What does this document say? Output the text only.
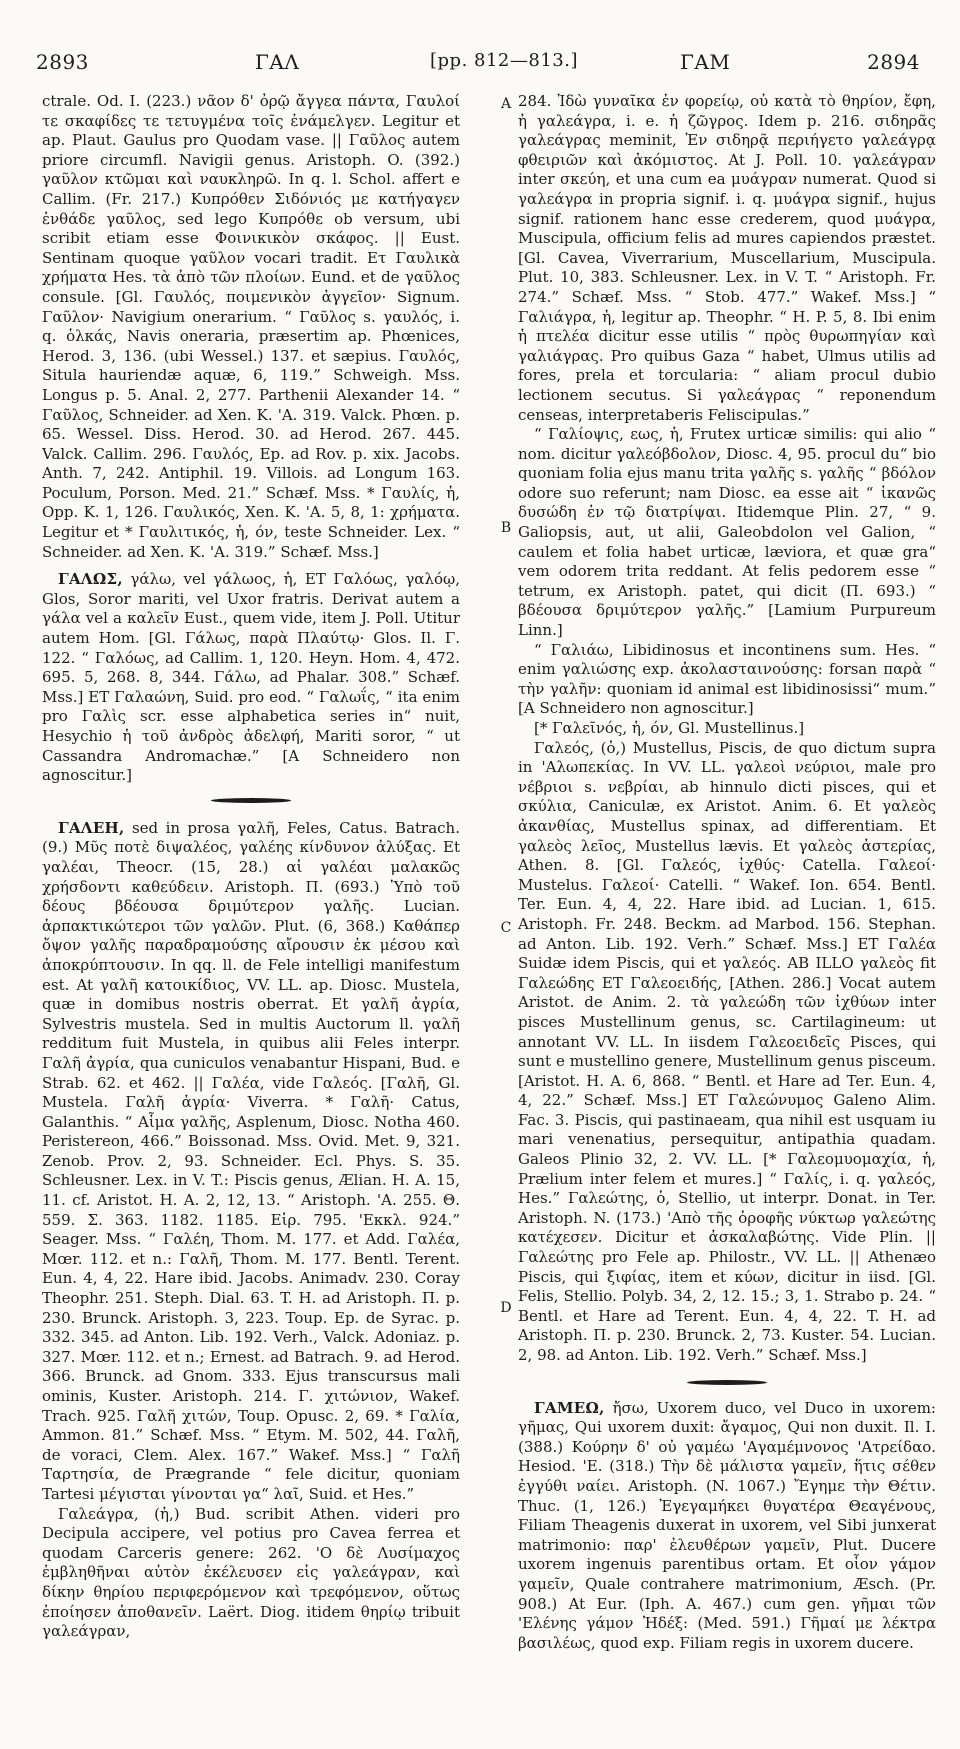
2893	ΓΑΛ	[pp. 812—813.]	ΓΑΜ	2894
A
B
C
D

ctrale. Od. I. (223.) νᾶον δ' ὀρῷ ἄγγεα πάντα, Γαυλοί τε σκαφίδες τε τετυγμένα τοῖς ἐνάμελγεν. Legitur et ap. Plaut. Gaulus pro Quodam vase. || Γαῦλος autem priore circumfl. Navigii genus. Aristoph. O. (392.) γαῦλον κτῶμαι καὶ ναυκληρῶ. In q. l. Schol. affert e Callim. (Fr. 217.) Κυπρόθεν Σιδόνιός με κατήγαγεν ἐνθάδε γαῦλος, sed lego Κυπρόθε ob versum, ubi scribit etiam esse Φοινικικὸν σκάφος. || Eust. Sentinam quoque γαῦλον vocari tradit. Ετ Γαυλικὰ χρήματα Hes. τὰ ἀπὸ τῶν πλοίων. Eund. et de γαῦλος consule. [Gl. Γαυλός, ποιμενικὸν ἀγγεῖον· Signum. Γαῦλον· Navigium onerarium. “ Γαῦλος s. γαυλός, i. q. ὁλκάς, Navis oneraria, præsertim ap. Phœnices, Herod. 3, 136. (ubi Wessel.) 137. et sæpius. Γαυλός, Situla hauriendæ aquæ, 6, 119.” Schweigh. Mss. Longus p. 5. Anal. 2, 277. Parthenii Alexander 14. “ Γαῦλος, Schneider. ad Xen. K. 'A. 319. Valck. Phœn. p. 65. Wessel. Diss. Herod. 30. ad Herod. 267. 445. Valck. Callim. 296. Γαυλός, Ep. ad Rov. p. xix. Jacobs. Anth. 7, 242. Antiphil. 19. Villois. ad Longum 163. Poculum, Porson. Med. 21.” Schæf. Mss. * Γαυλίς, ἡ, Opp. K. 1, 126. Γαυλικός, Xen. K. 'A. 5, 8, 1: χρήματα. Legitur et * Γαυλιτικός, ἡ, όν, teste Schneider. Lex. “ Schneider. ad Xen. K. 'A. 319.” Schæf. Mss.]

ΓΑΛΩΣ, γάλω, vel γάλωος, ἡ, ΕΤ Γαλόως, γαλόῳ, Glos, Soror mariti, vel Uxor fratris. Derivat autem a γάλα vel a καλεῖν Eust., quem vide, item J. Poll. Utitur autem Hom. [Gl. Γάλως, παρὰ Πλαύτῳ· Glos. Il. Γ. 122. “ Γαλόως, ad Callim. 1, 120. Heyn. Hom. 4, 472. 695. 5, 268. 8, 344. Γάλω, ad Phalar. 308.” Schæf. Mss.] ΕΤ Γαλαώνη, Suid. pro eod. “ Γαλωΐς, “ ita enim pro Γαλὶς scr. esse alphabetica series in“ nuit, Hesychio ἡ τοῦ ἀνδρὸς ἀδελφή, Mariti soror, “ ut Cassandra Andromachæ.” [A Schneidero non agnoscitur.]

ΓΑΛΕΗ, sed in prosa γαλῆ, Feles, Catus. Batrach. (9.) Μῦς ποτὲ διψαλέος, γαλέης κίνδυνον ἀλύξας. Et γαλέαι, Theocr. (15, 28.) αἱ γαλέαι μαλακῶς χρήσδοντι καθεύδειν. Aristoph. Π. (693.) Ὑπὸ τοῦ δέους βδέουσα δριμύτερον γαλῆς. Lucian. ἁρπακτικώτεροι τῶν γαλῶν. Plut. (6, 368.) Καθάπερ ὄψον γαλῆς παραδραμούσης αἴρουσιν ἐκ μέσου καὶ ἀποκρύπτουσιν. In qq. ll. de Fele intelligi manifestum est. At γαλῆ κατοικίδιος, VV. LL. ap. Diosc. Mustela, quæ in domibus nostris oberrat. Et γαλῆ ἀγρία, Sylvestris mustela. Sed in multis Auctorum ll. γαλῆ redditum fuit Mustela, in quibus alii Feles interpr. Γαλῆ ἀγρία, qua cuniculos venabantur Hispani, Bud. e Strab. 62. et 462. || Γαλέα, vide Γαλεός. [Γαλῆ, Gl. Mustela. Γαλῆ ἀγρία· Viverra. * Γαλῆ· Catus, Galanthis. “ Αἷμα γαλῆς, Asplenum, Diosc. Notha 460. Peristereon, 466.” Boissonad. Mss. Ovid. Met. 9, 321. Zenob. Prov. 2, 93. Schneider. Ecl. Phys. S. 35. Schleusner. Lex. in V. T.: Piscis genus, Ælian. H. A. 15, 11. cf. Aristot. H. A. 2, 12, 13. “ Aristoph. 'A. 255. Θ. 559. Σ. 363. 1182. 1185. Εἰρ. 795. 'Εκκλ. 924.” Seager. Mss. “ Γαλέη, Thom. M. 177. et Add. Γαλέα, Mœr. 112. et n.: Γαλῆ, Thom. M. 177. Bentl. Terent. Eun. 4, 4, 22. Hare ibid. Jacobs. Animadv. 230. Coray Theophr. 251. Steph. Dial. 63. T. H. ad Aristoph. Π. p. 230. Brunck. Aristoph. 3, 223. Toup. Ep. de Syrac. p. 332. 345. ad Anton. Lib. 192. Verh., Valck. Adoniaz. p. 327. Mœr. 112. et n.; Ernest. ad Batrach. 9. ad Herod. 366. Brunck. ad Gnom. 333. Ejus transcursus mali ominis, Kuster. Aristoph. 214. Γ. χιτώνιον, Wakef. Trach. 925. Γαλῆ χιτών, Toup. Opusc. 2, 69. * Γαλία, Ammon. 81.” Schæf. Mss. “ Etym. M. 502, 44. Γαλῆ, de voraci, Clem. Alex. 167.” Wakef. Mss.] “ Γαλῆ Ταρτησία, de Prægrande “ fele dicitur, quoniam Tartesi μέγισται γίνονται γα“ λαῖ, Suid. et Hes.”

Γαλεάγρα, (ἡ,) Bud. scribit Athen. videri pro Decipula accipere, vel potius pro Cavea ferrea et quodam Carceris genere: 262. 'Ο δὲ Λυσίμαχος ἐμβληθῆναι αὐτὸν ἐκέλευσεν εἰς γαλεάγραν, καὶ δίκην θηρίου περιφερόμενον καὶ τρεφόμενον, οὕτως ἐποίησεν ἀποθανεῖν. Laërt. Diog. itidem θηρίῳ tribuit γαλεάγραν,

284. Ἰδὼ γυναῖκα ἐν φορείῳ, οὐ κατὰ τὸ θηρίον, ἔφη, ἡ γαλεάγρα, i. e. ἡ ζῶγρος. Idem p. 216. σιδηρᾶς γαλεάγρας meminit, Ἐν σιδηρᾷ περιήγετο γαλεάγρᾳ φθειριῶν καὶ ἀκόμιστος. At J. Poll. 10. γαλεάγραν inter σκεύη, et una cum ea μυάγραν numerat. Quod si γαλεάγρα in propria signif. i. q. μυάγρα signif., hujus signif. rationem hanc esse crederem, quod μυάγρα, Muscipula, officium felis ad mures capiendos præstet. [Gl. Cavea, Viverrarium, Muscellarium, Muscipula. Plut. 10, 383. Schleusner. Lex. in V. T. “ Aristoph. Fr. 274.” Schæf. Mss. “ Stob. 477.” Wakef. Mss.] “ Γαλιάγρα, ἡ, legitur ap. Theophr. “ H. P. 5, 8. Ibi enim ἡ πτελέα dicitur esse utilis “ πρὸς θυρωπηγίαν καὶ γαλιάγρας. Pro quibus Gaza “ habet, Ulmus utilis ad fores, prela et torcularia: “ aliam procul dubio lectionem secutus. Si γαλεάγρας “ reponendum censeas, interpretaberis Feliscipulas.”

“ Γαλίοψις, εως, ἡ, Frutex urticæ similis: qui alio “ nom. dicitur γαλεόβδολον, Diosc. 4, 95. procul du“ bio quoniam folia ejus manu trita γαλῆς s. γαλῆς “ βδόλον odore suo referunt; nam Diosc. ea esse ait “ ἱκανῶς δυσώδη ἐν τῷ διατρίψαι. Itidemque Plin. 27, “ 9. Galiopsis, aut, ut alii, Galeobdolon vel Galion, “ caulem et folia habet urticæ, læviora, et quæ gra“ vem odorem trita reddant. At felis pedorem esse “ tetrum, ex Aristoph. patet, qui dicit (Π. 693.) “ βδέουσα δριμύτερον γαλῆς.” [Lamium Purpureum Linn.]

“ Γαλιάω, Libidinosus et incontinens sum. Hes. “ enim γαλιώσης exp. ἀκολασταινούσης: forsan παρὰ “ τὴν γαλῆν: quoniam id animal est libidinosissi“ mum.” [A Schneidero non agnoscitur.]

[* Γαλεῖνός, ἡ, όν, Gl. Mustellinus.]

Γαλεός, (ὁ,) Mustellus, Piscis, de quo dictum supra in 'Αλωπεκίας. In VV. LL. γαλεοὶ νεύριοι, male pro νέβριοι s. νεβρίαι, ab hinnulo dicti pisces, qui et σκύλια, Caniculæ, ex Aristot. Anim. 6. Et γαλεὸς ἀκανθίας, Mustellus spinax, ad differentiam. Et γαλεὸς λεῖος, Mustellus lævis. Et γαλεὸς ἀστερίας, Athen. 8. [Gl. Γαλεός, ἰχθύς· Catella. Γαλεοί· Mustelus. Γαλεοί· Catelli. “ Wakef. Ion. 654. Bentl. Ter. Eun. 4, 4, 22. Hare ibid. ad Lucian. 1, 615. Aristoph. Fr. 248. Beckm. ad Marbod. 156. Stephan. ad Anton. Lib. 192. Verh.” Schæf. Mss.] ΕΤ Γαλέα Suidæ idem Piscis, qui et γαλεός. ΑΒ ILLO γαλεὸς fit Γαλεώδης ΕΤ Γαλεοειδής, [Athen. 286.] Vocat autem Aristot. de Anim. 2. τὰ γαλεώδη τῶν ἰχθύων inter pisces Mustellinum genus, sc. Cartilagineum: ut annotant VV. LL. In iisdem Γαλεοειδεῖς Pisces, qui sunt e mustellino genere, Mustellinum genus pisceum. [Aristot. H. A. 6, 868. “ Bentl. et Hare ad Ter. Eun. 4, 4, 22.” Schæf. Mss.] ΕΤ Γαλεώνυμος Galeno Alim. Fac. 3. Piscis, qui pastinaeam, qua nihil est usquam iu mari venenatius, persequitur, antipathia quadam. Galeos Plinio 32, 2. VV. LL. [* Γαλεομυομαχία, ἡ, Prælium inter felem et mures.] “ Γαλίς, i. q. γαλεός, Hes.” Γαλεώτης, ὁ, Stellio, ut interpr. Donat. in Ter. Aristoph. N. (173.) 'Απὸ τῆς ὀροφῆς νύκτωρ γαλεώτης κατέχεσεν. Dicitur et ἀσκαλαβώτης. Vide Plin. || Γαλεώτης pro Fele ap. Philostr., VV. LL. || Athenæo Piscis, qui ξιφίας, item et κύων, dicitur in iisd. [Gl. Felis, Stellio. Polyb. 34, 2, 12. 15.; 3, 1. Strabo p. 24. “ Bentl. et Hare ad Terent. Eun. 4, 4, 22. T. H. ad Aristoph. Π. p. 230. Brunck. 2, 73. Kuster. 54. Lucian. 2, 98. ad Anton. Lib. 192. Verh.” Schæf. Mss.]

ΓΑΜΕΩ, ἤσω, Uxorem duco, vel Duco in uxorem: γῆμας, Qui uxorem duxit: ἄγαμος, Qui non duxit. Il. I. (388.) Κούρην δ' οὐ γαμέω 'Αγαμέμνονος 'Ατρείδαο. Hesiod. 'E. (318.) Τὴν δὲ μάλιστα γαμεῖν, ἥτις σέθεν ἐγγύθι ναίει. Aristoph. (N. 1067.) Ἔγημε τὴν Θέτιν. Thuc. (1, 126.) Ἐγεγαμήκει θυγατέρα Θεαγένους, Filiam Theagenis duxerat in uxorem, vel Sibi junxerat matrimonio: παρ' ἐλευθέρων γαμεῖν, Plut. Ducere uxorem ingenuis parentibus ortam. Et οἷον γάμον γαμεῖν, Quale contrahere matrimonium, Æsch. (Pr. 908.) At Eur. (Iph. A. 467.) cum gen. γῆμαι τῶν 'Ελένης γάμον Ἠδέξ: (Med. 591.) Γῆμαί με λέκτρα βασιλέως, quod exp. Filiam regis in uxorem ducere.
